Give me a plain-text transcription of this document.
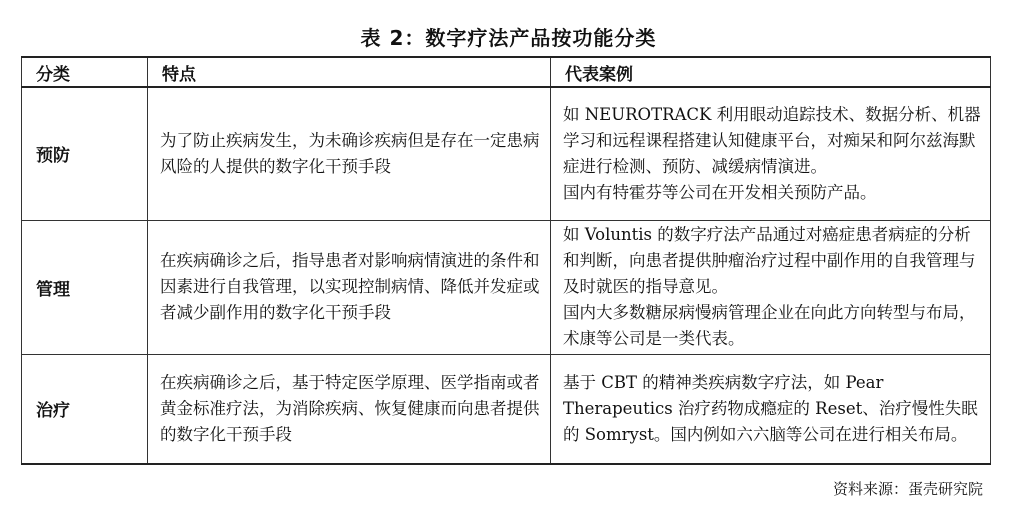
表 2：数字疗法产品按功能分类
分类	特点	代表案例
预防	为了防止疾病发生，为未确诊疾病但是存在一定患病风险的人提供的数字化干预手段	如 NEUROTRACK 利用眼动追踪技术、数据分析、机器学习和远程课程搭建认知健康平台，对痴呆和阿尔兹海默症进行检测、预防、减缓病情演进。
国内有特霍芬等公司在开发相关预防产品。

管理	在疾病确诊之后，指导患者对影响病情演进的条件和因素进行自我管理，以实现控制病情、降低并发症或者减少副作用的数字化干预手段	如 Voluntis 的数字疗法产品通过对癌症患者病症的分析和判断，向患者提供肿瘤治疗过程中副作用的自我管理与及时就医的指导意见。
国内大多数糖尿病慢病管理企业在向此方向转型与布局，术康等公司是一类代表。

治疗	在疾病确诊之后，基于特定医学原理、医学指南或者黄金标准疗法，为消除疾病、恢复健康而向患者提供的数字化干预手段	基于 CBT 的精神类疾病数字疗法，如 Pear Therapeutics 治疗药物成瘾症的 Reset、治疗慢性失眠的 Somryst。国内例如六六脑等公司在进行相关布局。
资料来源：蛋壳研究院
